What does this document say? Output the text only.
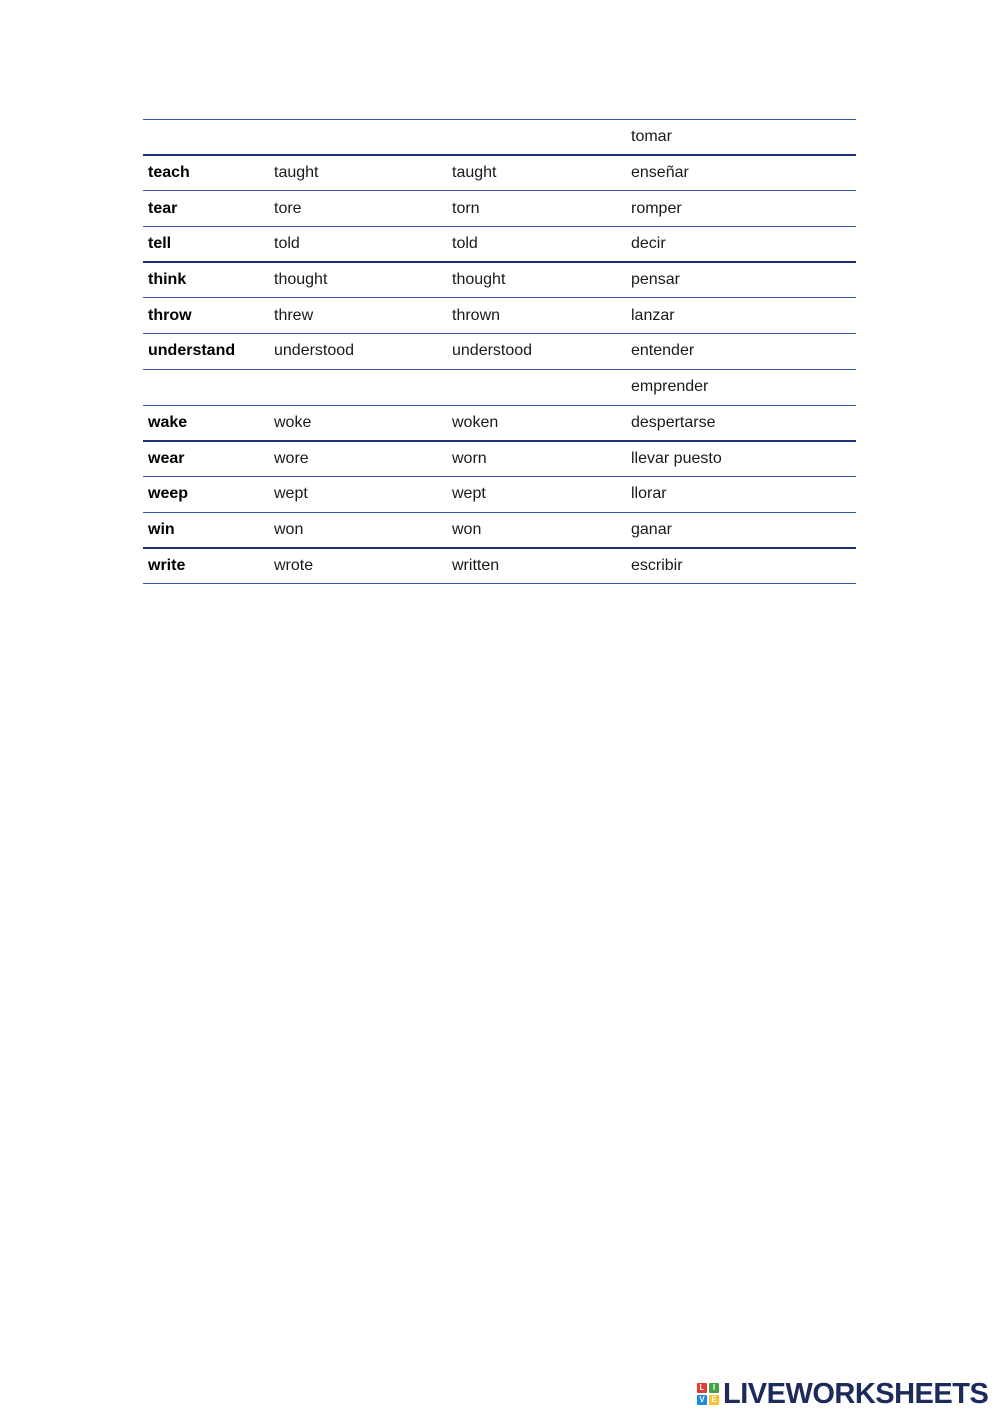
			tomar
teach	taught	taught	enseñar
tear	tore	torn	romper
tell	told	told	decir
think	thought	thought	pensar
throw	threw	thrown	lanzar
understand	understood	understood	entender
			emprender
wake	woke	woken	despertarse
wear	wore	worn	llevar puesto
weep	wept	wept	llorar
win	won	won	ganar
write	wrote	written	escribir
L	I
V E LIVEWORKSHEETS
